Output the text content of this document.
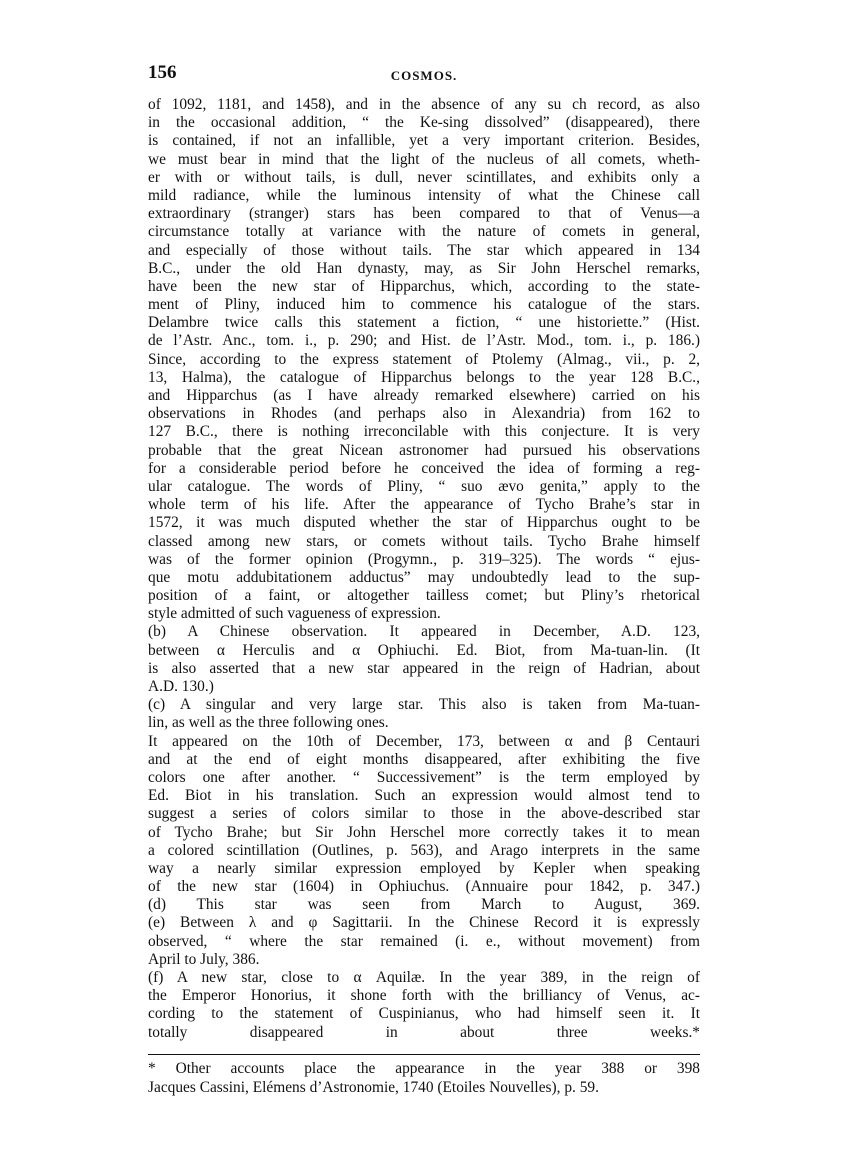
156	COSMOS.
of 1092, 1181, and 1458), and in the absence of any su ch record, as also
in the occasional addition, “ the Ke-sing dissolved” (disappeared), there
is contained, if not an infallible, yet a very important criterion. Besides,
we must bear in mind that the light of the nucleus of all comets, wheth-
er with or without tails, is dull, never scintillates, and exhibits only a
mild radiance, while the luminous intensity of what the Chinese call
extraordinary (stranger) stars has been compared to that of Venus—a
circumstance totally at variance with the nature of comets in general,
and especially of those without tails. The star which appeared in 134
B.C., under the old Han dynasty, may, as Sir John Herschel remarks,
have been the new star of Hipparchus, which, according to the state-
ment of Pliny, induced him to commence his catalogue of the stars.
Delambre twice calls this statement a fiction, “ une historiette.” (Hist.
de l’Astr. Anc., tom. i., p. 290; and Hist. de l’Astr. Mod., tom. i., p. 186.)
Since, according to the express statement of Ptolemy (Almag., vii., p. 2,
13, Halma), the catalogue of Hipparchus belongs to the year 128 B.C.,
and Hipparchus (as I have already remarked elsewhere) carried on his
observations in Rhodes (and perhaps also in Alexandria) from 162 to
127 B.C., there is nothing irreconcilable with this conjecture. It is very
probable that the great Nicean astronomer had pursued his observations
for a considerable period before he conceived the idea of forming a reg-
ular catalogue. The words of Pliny, “ suo ævo genita,” apply to the
whole term of his life. After the appearance of Tycho Brahe’s star in
1572, it was much disputed whether the star of Hipparchus ought to be
classed among new stars, or comets without tails. Tycho Brahe himself
was of the former opinion (Progymn., p. 319–325). The words “ ejus-
que motu addubitationem adductus” may undoubtedly lead to the sup-
position of a faint, or altogether tailless comet; but Pliny’s rhetorical
style admitted of such vagueness of expression.
(b) A Chinese observation. It appeared in December, A.D. 123,
between α Herculis and α Ophiuchi. Ed. Biot, from Ma-tuan-lin. (It
is also asserted that a new star appeared in the reign of Hadrian, about
A.D. 130.)
(c) A singular and very large star. This also is taken from Ma-tuan-
lin, as well as the three following ones.
It appeared on the 10th of December, 173, between α and β Centauri
and at the end of eight months disappeared, after exhibiting the five
colors one after another. “ Successivement” is the term employed by
Ed. Biot in his translation. Such an expression would almost tend to
suggest a series of colors similar to those in the above-described star
of Tycho Brahe; but Sir John Herschel more correctly takes it to mean
a colored scintillation (Outlines, p. 563), and Arago interprets in the same
way a nearly similar expression employed by Kepler when speaking
of the new star (1604) in Ophiuchus. (Annuaire pour 1842, p. 347.)
(d) This star was seen from March to August, 369.
(e) Between λ and φ Sagittarii. In the Chinese Record it is expressly
observed, “ where the star remained (i. e., without movement) from
April to July, 386.
(f) A new star, close to α Aquilæ. In the year 389, in the reign of
the Emperor Honorius, it shone forth with the brilliancy of Venus, ac-
cording to the statement of Cuspinianus, who had himself seen it. It
totally disappeared in about three weeks.*
* Other accounts place the appearance in the year 388 or 398
Jacques Cassini, Elémens d’Astronomie, 1740 (Etoiles Nouvelles), p. 59.
